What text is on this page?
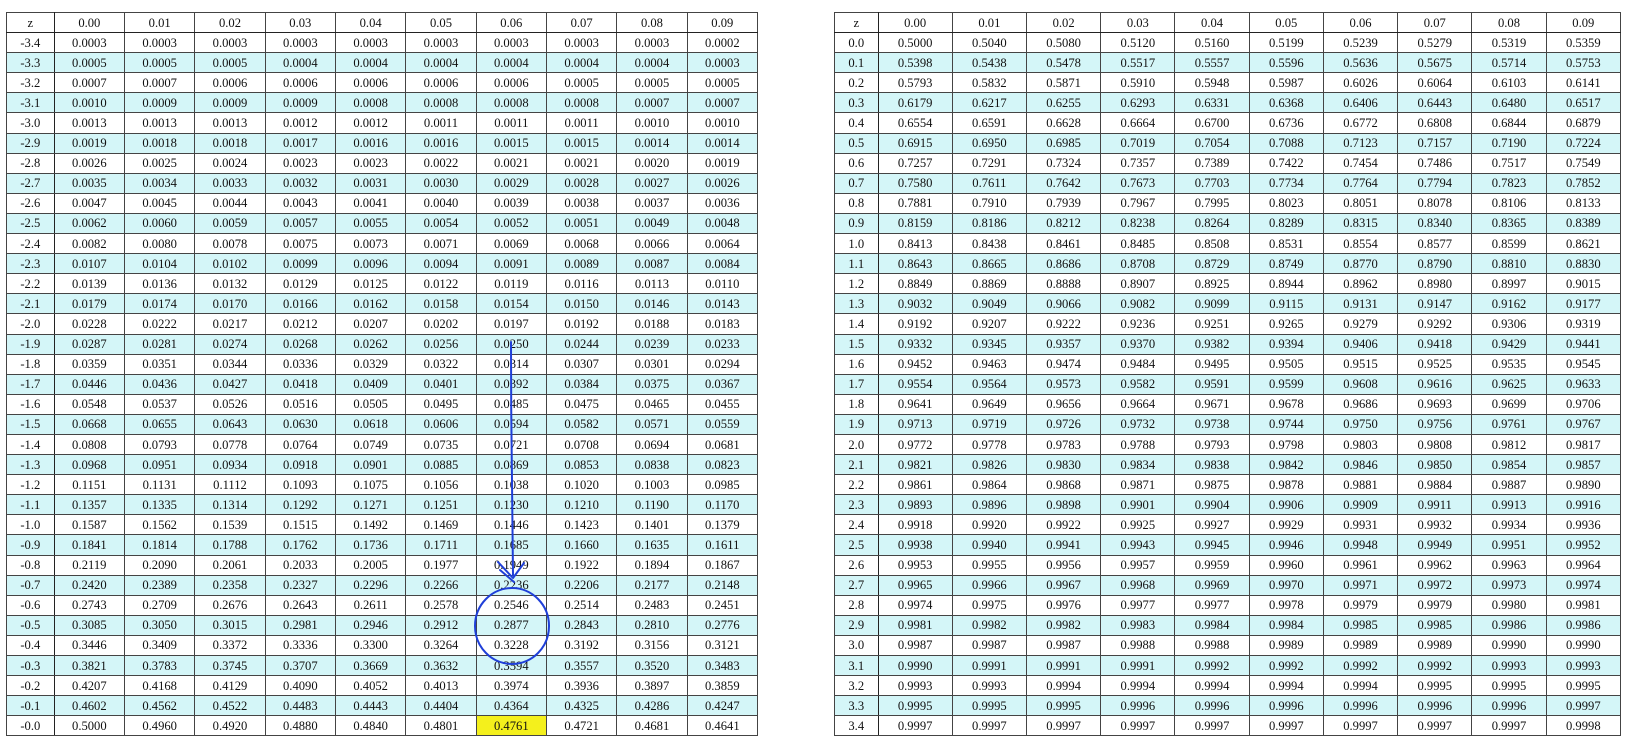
z	0.00	0.01	0.02	0.03	0.04	0.05	0.06	0.07	0.08	0.09
-3.4	0.0003	0.0003	0.0003	0.0003	0.0003	0.0003	0.0003	0.0003	0.0003	0.0002
-3.3	0.0005	0.0005	0.0005	0.0004	0.0004	0.0004	0.0004	0.0004	0.0004	0.0003
-3.2	0.0007	0.0007	0.0006	0.0006	0.0006	0.0006	0.0006	0.0005	0.0005	0.0005
-3.1	0.0010	0.0009	0.0009	0.0009	0.0008	0.0008	0.0008	0.0008	0.0007	0.0007
-3.0	0.0013	0.0013	0.0013	0.0012	0.0012	0.0011	0.0011	0.0011	0.0010	0.0010
-2.9	0.0019	0.0018	0.0018	0.0017	0.0016	0.0016	0.0015	0.0015	0.0014	0.0014
-2.8	0.0026	0.0025	0.0024	0.0023	0.0023	0.0022	0.0021	0.0021	0.0020	0.0019
-2.7	0.0035	0.0034	0.0033	0.0032	0.0031	0.0030	0.0029	0.0028	0.0027	0.0026
-2.6	0.0047	0.0045	0.0044	0.0043	0.0041	0.0040	0.0039	0.0038	0.0037	0.0036
-2.5	0.0062	0.0060	0.0059	0.0057	0.0055	0.0054	0.0052	0.0051	0.0049	0.0048
-2.4	0.0082	0.0080	0.0078	0.0075	0.0073	0.0071	0.0069	0.0068	0.0066	0.0064
-2.3	0.0107	0.0104	0.0102	0.0099	0.0096	0.0094	0.0091	0.0089	0.0087	0.0084
-2.2	0.0139	0.0136	0.0132	0.0129	0.0125	0.0122	0.0119	0.0116	0.0113	0.0110
-2.1	0.0179	0.0174	0.0170	0.0166	0.0162	0.0158	0.0154	0.0150	0.0146	0.0143
-2.0	0.0228	0.0222	0.0217	0.0212	0.0207	0.0202	0.0197	0.0192	0.0188	0.0183
-1.9	0.0287	0.0281	0.0274	0.0268	0.0262	0.0256	0.0250	0.0244	0.0239	0.0233
-1.8	0.0359	0.0351	0.0344	0.0336	0.0329	0.0322	0.0314	0.0307	0.0301	0.0294
-1.7	0.0446	0.0436	0.0427	0.0418	0.0409	0.0401	0.0392	0.0384	0.0375	0.0367
-1.6	0.0548	0.0537	0.0526	0.0516	0.0505	0.0495	0.0485	0.0475	0.0465	0.0455
-1.5	0.0668	0.0655	0.0643	0.0630	0.0618	0.0606	0.0594	0.0582	0.0571	0.0559
-1.4	0.0808	0.0793	0.0778	0.0764	0.0749	0.0735	0.0721	0.0708	0.0694	0.0681
-1.3	0.0968	0.0951	0.0934	0.0918	0.0901	0.0885	0.0869	0.0853	0.0838	0.0823
-1.2	0.1151	0.1131	0.1112	0.1093	0.1075	0.1056	0.1038	0.1020	0.1003	0.0985
-1.1	0.1357	0.1335	0.1314	0.1292	0.1271	0.1251	0.1230	0.1210	0.1190	0.1170
-1.0	0.1587	0.1562	0.1539	0.1515	0.1492	0.1469	0.1446	0.1423	0.1401	0.1379
-0.9	0.1841	0.1814	0.1788	0.1762	0.1736	0.1711	0.1685	0.1660	0.1635	0.1611
-0.8	0.2119	0.2090	0.2061	0.2033	0.2005	0.1977	0.1949	0.1922	0.1894	0.1867
-0.7	0.2420	0.2389	0.2358	0.2327	0.2296	0.2266	0.2236	0.2206	0.2177	0.2148
-0.6	0.2743	0.2709	0.2676	0.2643	0.2611	0.2578	0.2546	0.2514	0.2483	0.2451
-0.5	0.3085	0.3050	0.3015	0.2981	0.2946	0.2912	0.2877	0.2843	0.2810	0.2776
-0.4	0.3446	0.3409	0.3372	0.3336	0.3300	0.3264	0.3228	0.3192	0.3156	0.3121
-0.3	0.3821	0.3783	0.3745	0.3707	0.3669	0.3632	0.3594	0.3557	0.3520	0.3483
-0.2	0.4207	0.4168	0.4129	0.4090	0.4052	0.4013	0.3974	0.3936	0.3897	0.3859
-0.1	0.4602	0.4562	0.4522	0.4483	0.4443	0.4404	0.4364	0.4325	0.4286	0.4247
-0.0	0.5000	0.4960	0.4920	0.4880	0.4840	0.4801	0.4761	0.4721	0.4681	0.4641
z	0.00	0.01	0.02	0.03	0.04	0.05	0.06	0.07	0.08	0.09
0.0	0.5000	0.5040	0.5080	0.5120	0.5160	0.5199	0.5239	0.5279	0.5319	0.5359
0.1	0.5398	0.5438	0.5478	0.5517	0.5557	0.5596	0.5636	0.5675	0.5714	0.5753
0.2	0.5793	0.5832	0.5871	0.5910	0.5948	0.5987	0.6026	0.6064	0.6103	0.6141
0.3	0.6179	0.6217	0.6255	0.6293	0.6331	0.6368	0.6406	0.6443	0.6480	0.6517
0.4	0.6554	0.6591	0.6628	0.6664	0.6700	0.6736	0.6772	0.6808	0.6844	0.6879
0.5	0.6915	0.6950	0.6985	0.7019	0.7054	0.7088	0.7123	0.7157	0.7190	0.7224
0.6	0.7257	0.7291	0.7324	0.7357	0.7389	0.7422	0.7454	0.7486	0.7517	0.7549
0.7	0.7580	0.7611	0.7642	0.7673	0.7703	0.7734	0.7764	0.7794	0.7823	0.7852
0.8	0.7881	0.7910	0.7939	0.7967	0.7995	0.8023	0.8051	0.8078	0.8106	0.8133
0.9	0.8159	0.8186	0.8212	0.8238	0.8264	0.8289	0.8315	0.8340	0.8365	0.8389
1.0	0.8413	0.8438	0.8461	0.8485	0.8508	0.8531	0.8554	0.8577	0.8599	0.8621
1.1	0.8643	0.8665	0.8686	0.8708	0.8729	0.8749	0.8770	0.8790	0.8810	0.8830
1.2	0.8849	0.8869	0.8888	0.8907	0.8925	0.8944	0.8962	0.8980	0.8997	0.9015
1.3	0.9032	0.9049	0.9066	0.9082	0.9099	0.9115	0.9131	0.9147	0.9162	0.9177
1.4	0.9192	0.9207	0.9222	0.9236	0.9251	0.9265	0.9279	0.9292	0.9306	0.9319
1.5	0.9332	0.9345	0.9357	0.9370	0.9382	0.9394	0.9406	0.9418	0.9429	0.9441
1.6	0.9452	0.9463	0.9474	0.9484	0.9495	0.9505	0.9515	0.9525	0.9535	0.9545
1.7	0.9554	0.9564	0.9573	0.9582	0.9591	0.9599	0.9608	0.9616	0.9625	0.9633
1.8	0.9641	0.9649	0.9656	0.9664	0.9671	0.9678	0.9686	0.9693	0.9699	0.9706
1.9	0.9713	0.9719	0.9726	0.9732	0.9738	0.9744	0.9750	0.9756	0.9761	0.9767
2.0	0.9772	0.9778	0.9783	0.9788	0.9793	0.9798	0.9803	0.9808	0.9812	0.9817
2.1	0.9821	0.9826	0.9830	0.9834	0.9838	0.9842	0.9846	0.9850	0.9854	0.9857
2.2	0.9861	0.9864	0.9868	0.9871	0.9875	0.9878	0.9881	0.9884	0.9887	0.9890
2.3	0.9893	0.9896	0.9898	0.9901	0.9904	0.9906	0.9909	0.9911	0.9913	0.9916
2.4	0.9918	0.9920	0.9922	0.9925	0.9927	0.9929	0.9931	0.9932	0.9934	0.9936
2.5	0.9938	0.9940	0.9941	0.9943	0.9945	0.9946	0.9948	0.9949	0.9951	0.9952
2.6	0.9953	0.9955	0.9956	0.9957	0.9959	0.9960	0.9961	0.9962	0.9963	0.9964
2.7	0.9965	0.9966	0.9967	0.9968	0.9969	0.9970	0.9971	0.9972	0.9973	0.9974
2.8	0.9974	0.9975	0.9976	0.9977	0.9977	0.9978	0.9979	0.9979	0.9980	0.9981
2.9	0.9981	0.9982	0.9982	0.9983	0.9984	0.9984	0.9985	0.9985	0.9986	0.9986
3.0	0.9987	0.9987	0.9987	0.9988	0.9988	0.9989	0.9989	0.9989	0.9990	0.9990
3.1	0.9990	0.9991	0.9991	0.9991	0.9992	0.9992	0.9992	0.9992	0.9993	0.9993
3.2	0.9993	0.9993	0.9994	0.9994	0.9994	0.9994	0.9994	0.9995	0.9995	0.9995
3.3	0.9995	0.9995	0.9995	0.9996	0.9996	0.9996	0.9996	0.9996	0.9996	0.9997
3.4	0.9997	0.9997	0.9997	0.9997	0.9997	0.9997	0.9997	0.9997	0.9997	0.9998
